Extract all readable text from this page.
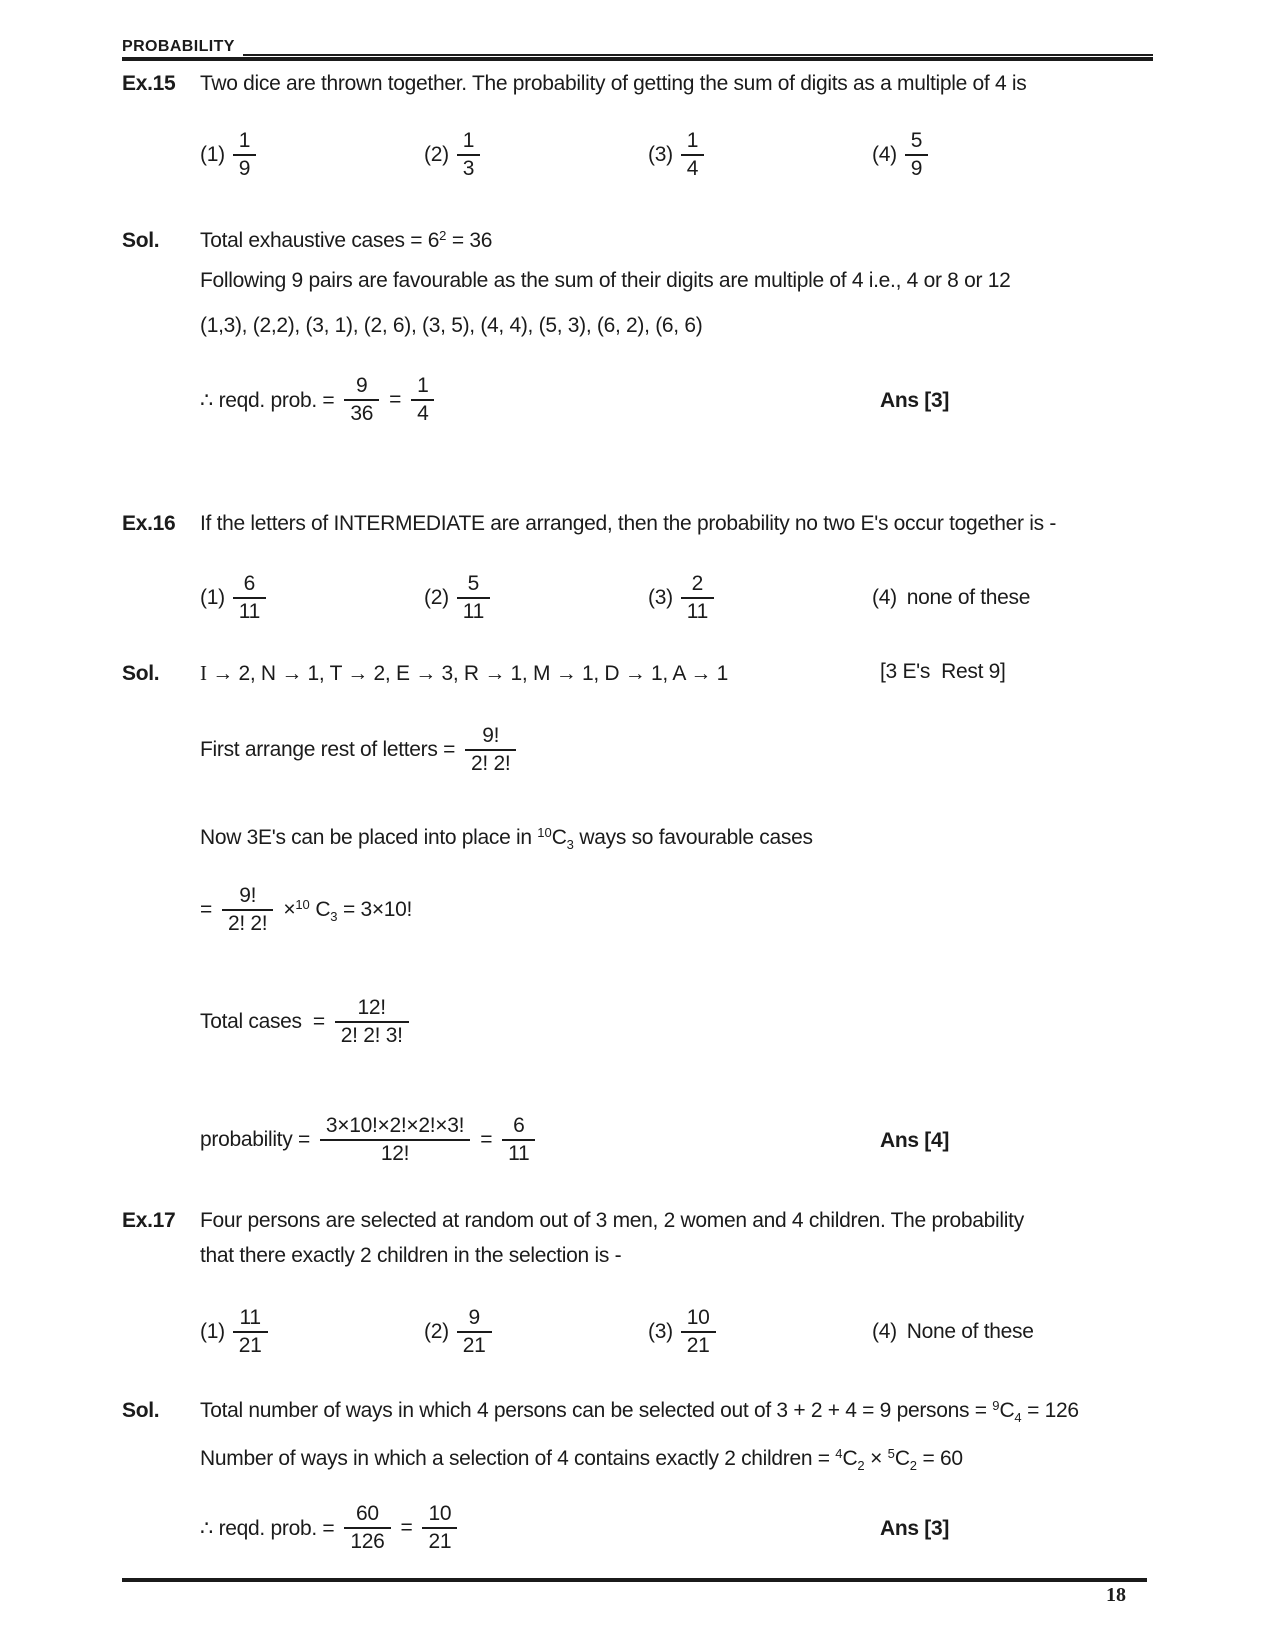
PROBABILITY
Ex.15 Two dice are thrown together. The probability of getting the sum of digits as a multiple of 4 is
$(1) \frac{1}{9}$	$(2) \frac{1}{3}$	$(3) \frac{1}{4}$	$(4) \frac{5}{9}$
Sol. Total exhaustive cases = $6^2 = 36$
Following 9 pairs are favourable as the sum of their digits are multiple of 4 i.e., 4 or 8 or 12
(1,3), (2,2), (3, 1), (2, 6), (3, 5), (4, 4), (5, 3), (6, 2), (6, 6)
∴ reqd. prob. = $\frac{9}{36} = \frac{1}{4}$	Ans [3]
Ex.16 If the letters of INTERMEDIATE are arranged, then the probability no two E's occur together is -
$(1) \frac{6}{11}$	$(2) \frac{5}{11}$	$(3) \frac{2}{11}$	(4) none of these
Sol. I → 2, N → 1, T → 2, E → 3, R → 1, M → 1, D → 1, A → 1	[3 E's  Rest 9]
First arrange rest of letters = $\frac{9!}{2! 2!}$
Now 3E's can be placed into place in $^{10}C_3$ ways so favourable cases
= $\frac{9!}{2! 2!} \times^{10}$ $C_3 = 3\times 10$!
Total cases  = $\frac{12!}{2! 2! 3!}$
probability = $\frac{3\times 10!\times 2!\times 2!\times 3!}{12!} = \frac{6}{11}$	Ans [4]
Ex.17 Four persons are selected at random out of 3 men, 2 women and 4 children. The probability
that there exactly 2 children in the selection is -
$(1) \frac{11}{21}$	$(2) \frac{9}{21}$	$(3) \frac{10}{21}$	(4) None of these
Sol. Total number of ways in which 4 persons can be selected out of 3 + 2 + 4 = 9 persons = $^9C_4 = 126$
Number of ways in which a selection of 4 contains exactly 2 children = $^4C_2 \times ^5C_2 = 60$
∴ reqd. prob. = $\frac{60}{126} = \frac{10}{21}$	Ans [3]
18
